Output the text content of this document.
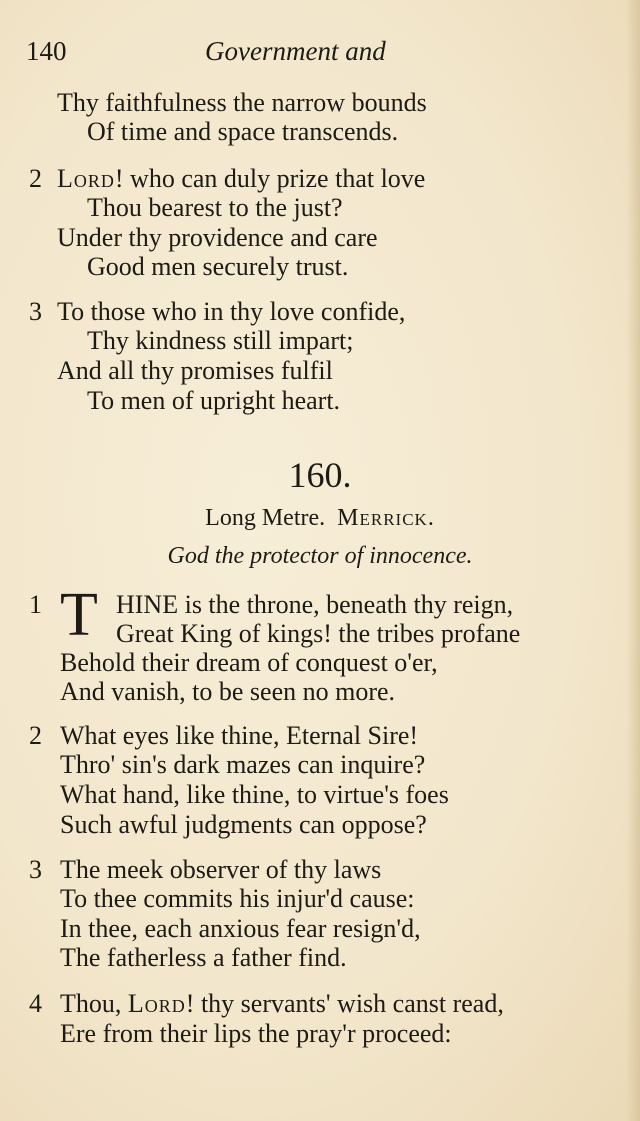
140	Government and
Thy faithfulness the narrow bounds
Of time and space transcends.
2 Lord! who can duly prize that love
Thou bearest to the just?
Under thy providence and care
Good men securely trust.
3 To those who in thy love confide,
Thy kindness still impart;
And all thy promises fulfil
To men of upright heart.
160.
Long Metre. Merrick.
God the protector of innocence.
1 T HINE is the throne, beneath thy reign,
Great King of kings! the tribes profane
Behold their dream of conquest o'er,
And vanish, to be seen no more.
2 What eyes like thine, Eternal Sire!
Thro' sin's dark mazes can inquire?
What hand, like thine, to virtue's foes
Such awful judgments can oppose?
3 The meek observer of thy laws
To thee commits his injur'd cause:
In thee, each anxious fear resign'd,
The fatherless a father find.
4 Thou, Lord! thy servants' wish canst read,
Ere from their lips the pray'r proceed:
